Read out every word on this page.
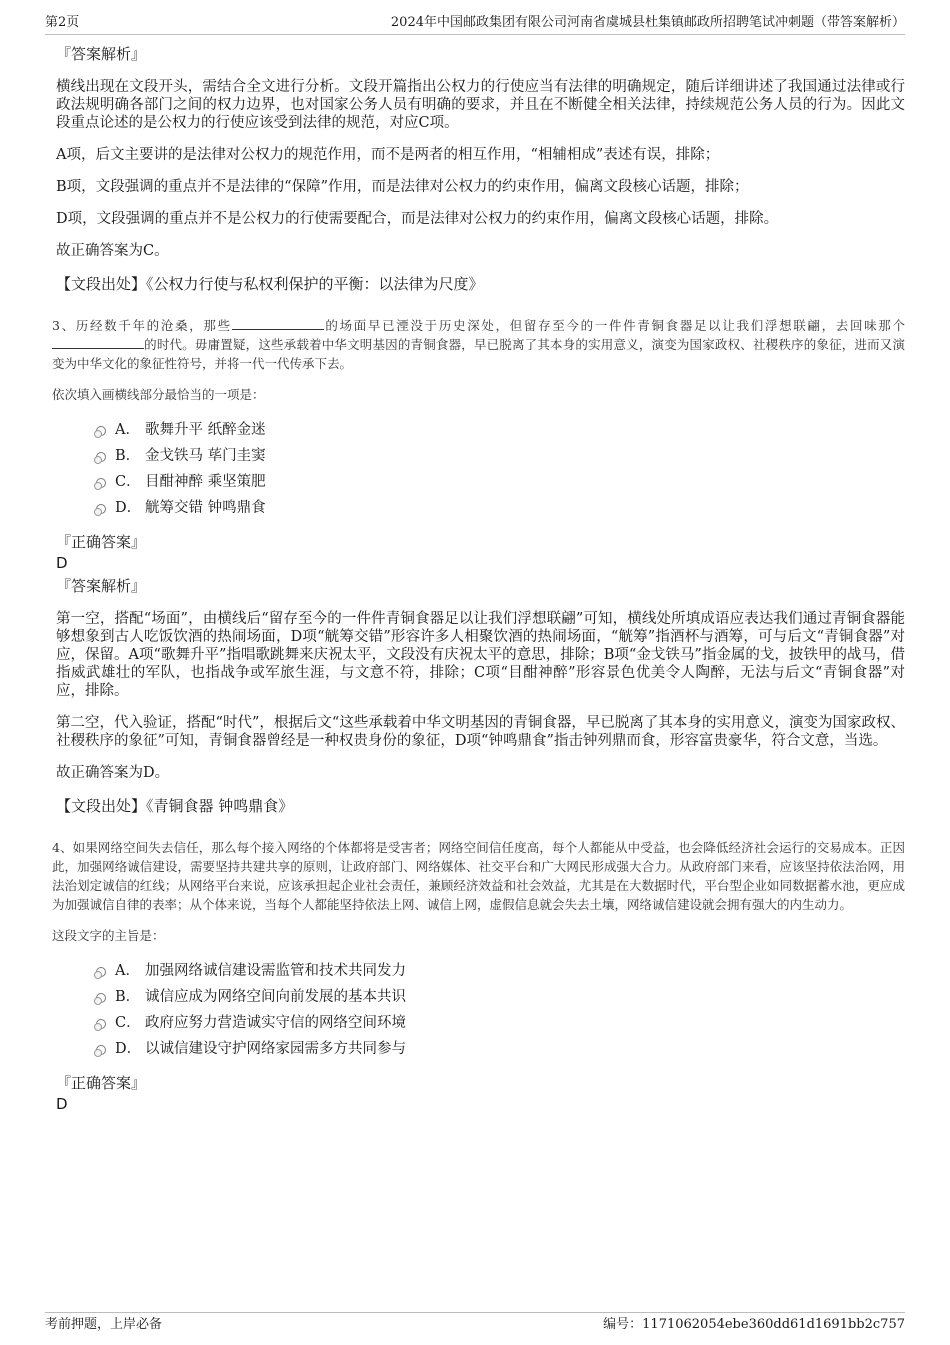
第2页	2024年中国邮政集团有限公司河南省虞城县杜集镇邮政所招聘笔试冲刺题（带答案解析）
『答案解析』

横线出现在文段开头，需结合全文进行分析。文段开篇指出公权力的行使应当有法律的明确规定，随后详细讲述了我国通过法律或行政法规明确各部门之间的权力边界，也对国家公务人员有明确的要求，并且在不断健全相关法律，持续规范公务人员的行为。因此文段重点论述的是公权力的行使应该受到法律的规范，对应C项。

A项，后文主要讲的是法律对公权力的规范作用，而不是两者的相互作用，“相辅相成”表述有误，排除；

B项，文段强调的重点并不是法律的“保障”作用，而是法律对公权力的约束作用，偏离文段核心话题，排除；

D项，文段强调的重点并不是公权力的行使需要配合，而是法律对公权力的约束作用，偏离文段核心话题，排除。

故正确答案为C。

【文段出处】《公权力行使与私权利保护的平衡：以法律为尺度》

3、历经数千年的沧桑，那些	的场面早已湮没于历史深处，但留存至今的一件件青铜食器足以让我们浮想联翩，去回味那个的时代。毋庸置疑，这些承载着中华文明基因的青铜食器，早已脱离了其本身的实用意义，演变为国家政权、社稷秩序的象征，进而又演变为中华文化的象征性符号，并将一代一代传承下去。

依次填入画横线部分最恰当的一项是：

A． 歌舞升平 纸醉金迷
B． 金戈铁马 荜门圭窦
C． 目酣神醉 乘坚策肥
D． 觥筹交错 钟鸣鼎食
『正确答案』
D
『答案解析』

第一空，搭配“场面”，由横线后“留存至今的一件件青铜食器足以让我们浮想联翩”可知，横线处所填成语应表达我们通过青铜食器能够想象到古人吃饭饮酒的热闹场面，D项“觥筹交错”形容许多人相聚饮酒的热闹场面，“觥筹”指酒杯与酒筹，可与后文“青铜食器”对应，保留。A项“歌舞升平”指唱歌跳舞来庆祝太平，文段没有庆祝太平的意思，排除；B项“金戈铁马”指金属的戈，披铁甲的战马，借指威武雄壮的军队，也指战争或军旅生涯，与文意不符，排除；C项“目酣神醉”形容景色优美令人陶醉，无法与后文“青铜食器”对应，排除。

第二空，代入验证，搭配“时代”，根据后文“这些承载着中华文明基因的青铜食器，早已脱离了其本身的实用意义，演变为国家政权、社稷秩序的象征”可知，青铜食器曾经是一种权贵身份的象征，D项“钟鸣鼎食”指击钟列鼎而食，形容富贵豪华，符合文意，当选。

故正确答案为D。

【文段出处】《青铜食器 钟鸣鼎食》

4、如果网络空间失去信任，那么每个接入网络的个体都将是受害者；网络空间信任度高，每个人都能从中受益，也会降低经济社会运行的交易成本。正因此，加强网络诚信建设，需要坚持共建共享的原则，让政府部门、网络媒体、社交平台和广大网民形成强大合力。从政府部门来看，应该坚持依法治网，用法治划定诚信的红线；从网络平台来说，应该承担起企业社会责任，兼顾经济效益和社会效益，尤其是在大数据时代，平台型企业如同数据蓄水池，更应成为加强诚信自律的表率；从个体来说，当每个人都能坚持依法上网、诚信上网，虚假信息就会失去土壤，网络诚信建设就会拥有强大的内生动力。

这段文字的主旨是：

A． 加强网络诚信建设需监管和技术共同发力
B． 诚信应成为网络空间向前发展的基本共识
C． 政府应努力营造诚实守信的网络空间环境
D． 以诚信建设守护网络家园需多方共同参与
『正确答案』
D
考前押题，上岸必备	编号：1171062054ebe360dd61d1691bb2c757
